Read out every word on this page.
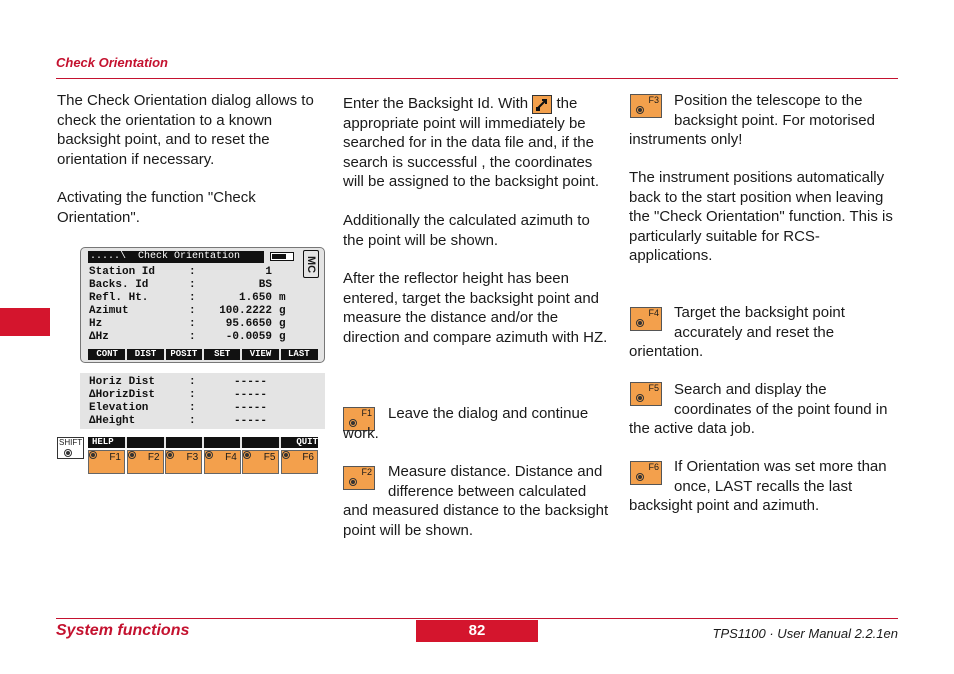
Check Orientation
The Check Orientation dialog allows to check the orientation to a known backsight point, and to reset the orientation if necessary.
Activating the function "Check Orientation".
.....\  Check Orientation	MC
Station Id	:	1
Backs. Id	:	BS
Refl. Ht.	:	1.650 m
Azimut	:	100.2222 g
Hz	:	95.6650 g
ΔHz	:	-0.0059 g
CONT	DIST	POSIT	SET	VIEW	LAST
Horiz Dist	:	-----
ΔHorizDist	:	-----
Elevation	:	-----
ΔHeight	:	-----
SHIFT	HELP	QUIT
F1	F2	F3	F4	F5	F6
Enter the Backsight Id. With the appropriate point will immediately be searched for in the data file and, if the search is successful , the coordinates will be assigned to the backsight point.
Additionally the calculated azimuth to the point will be shown.
After the reflector height has been entered, target the backsight point and measure the distance and/or the direction and compare azimuth with HZ.
F1	Leave the dialog and continue work.
F2	Measure distance. Distance and difference between calculated and measured distance to the backsight point will be shown.
F3	Position the telescope to the backsight point. For motorised instruments only!
The instrument positions automatically back to the start position when leaving the "Check Orientation" function. This is particularly suitable for RCS-applications.
F4	Target the backsight point accurately and reset the orientation.
F5	Search and display the coordinates of the point found in the active data job.
F6	If Orientation was set more than once, LAST recalls the last backsight point and azimuth.
System functions	82	TPS1100 · User Manual 2.2.1en
